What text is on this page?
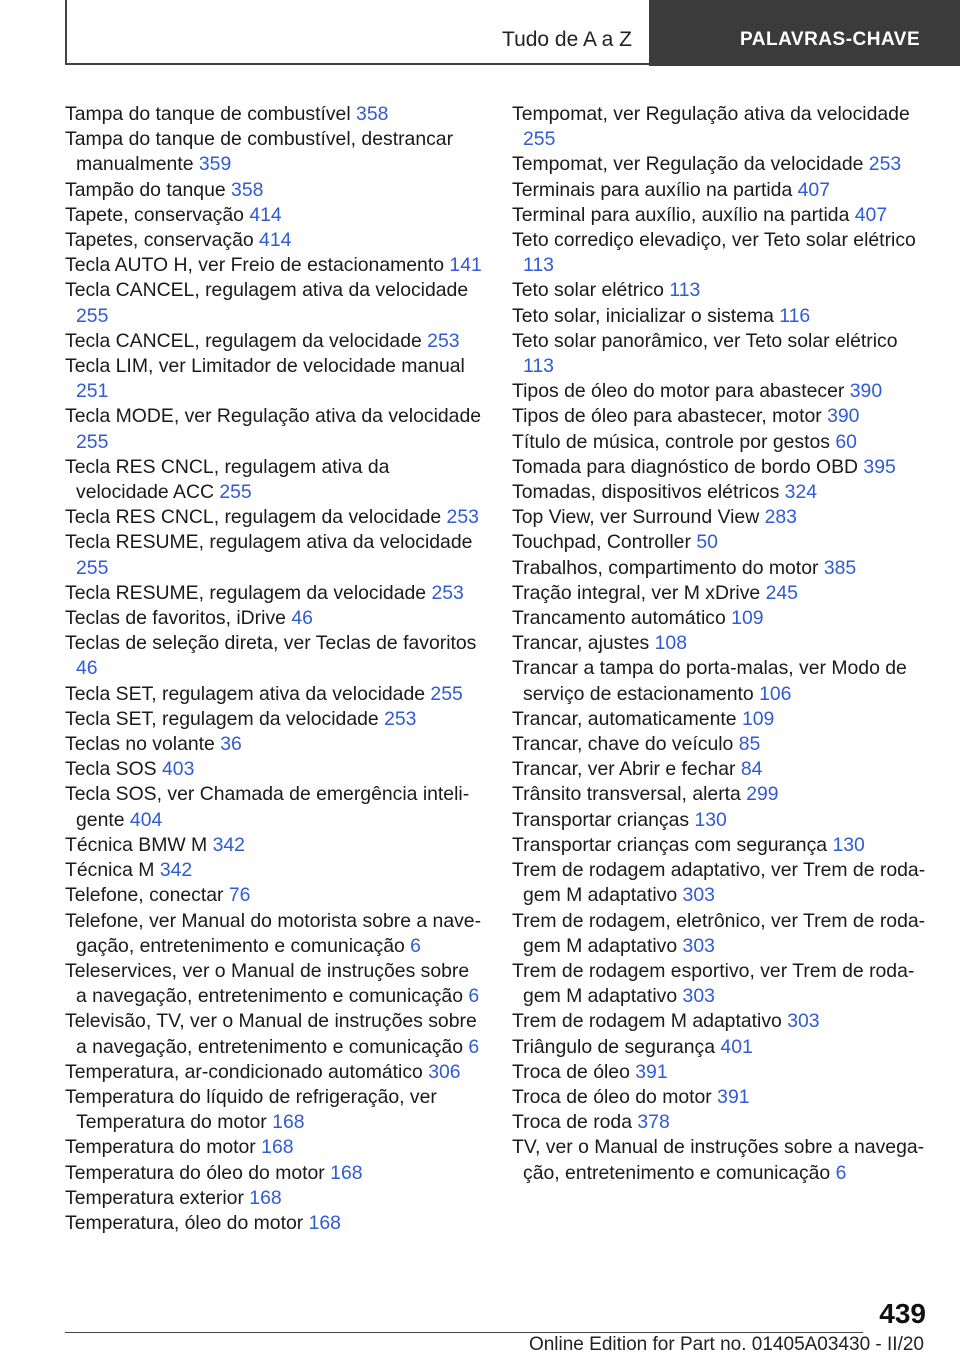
Tudo de A a Z	PALAVRAS-CHAVE
Tampa do tanque de combustível 358
Tampa do tanque de combustível, destrancar manualmente 359
Tampão do tanque 358
Tapete, conservação 414
Tapetes, conservação 414
Tecla AUTO H, ver Freio de estacionamento 141
Tecla CANCEL, regulagem ativa da velocidade 255
Tecla CANCEL, regulagem da velocidade 253
Tecla LIM, ver Limitador de velocidade manual 251
Tecla MODE, ver Regulação ativa da velocidade 255
Tecla RES CNCL, regulagem ativa da velocidade ACC 255
Tecla RES CNCL, regulagem da velocidade 253
Tecla RESUME, regulagem ativa da velocidade 255
Tecla RESUME, regulagem da velocidade 253
Teclas de favoritos, iDrive 46
Teclas de seleção direta, ver Teclas de favoritos 46
Tecla SET, regulagem ativa da velocidade 255
Tecla SET, regulagem da velocidade 253
Teclas no volante 36
Tecla SOS 403
Tecla SOS, ver Chamada de emergência inteligente 404
Técnica BMW M 342
Técnica M 342
Telefone, conectar 76
Telefone, ver Manual do motorista sobre a navegação, entretenimento e comunicação 6
Teleservices, ver o Manual de instruções sobre a navegação, entretenimento e comunicação 6
Televisão, TV, ver o Manual de instruções sobre a navegação, entretenimento e comunicação 6
Temperatura, ar-condicionado automático 306
Temperatura do líquido de refrigeração, ver Temperatura do motor 168
Temperatura do motor 168
Temperatura do óleo do motor 168
Temperatura exterior 168
Temperatura, óleo do motor 168
Tempomat, ver Regulação ativa da velocidade 255
Tempomat, ver Regulação da velocidade 253
Terminais para auxílio na partida 407
Terminal para auxílio, auxílio na partida 407
Teto corrediço elevadiço, ver Teto solar elétrico 113
Teto solar elétrico 113
Teto solar, inicializar o sistema 116
Teto solar panorâmico, ver Teto solar elétrico 113
Tipos de óleo do motor para abastecer 390
Tipos de óleo para abastecer, motor 390
Título de música, controle por gestos 60
Tomada para diagnóstico de bordo OBD 395
Tomadas, dispositivos elétricos 324
Top View, ver Surround View 283
Touchpad, Controller 50
Trabalhos, compartimento do motor 385
Tração integral, ver M xDrive 245
Trancamento automático 109
Trancar, ajustes 108
Trancar a tampa do porta-malas, ver Modo de serviço de estacionamento 106
Trancar, automaticamente 109
Trancar, chave do veículo 85
Trancar, ver Abrir e fechar 84
Trânsito transversal, alerta 299
Transportar crianças 130
Transportar crianças com segurança 130
Trem de rodagem adaptativo, ver Trem de rodagem M adaptativo 303
Trem de rodagem, eletrônico, ver Trem de rodagem M adaptativo 303
Trem de rodagem esportivo, ver Trem de rodagem M adaptativo 303
Trem de rodagem M adaptativo 303
Triângulo de segurança 401
Troca de óleo 391
Troca de óleo do motor 391
Troca de roda 378
TV, ver o Manual de instruções sobre a navegação, entretenimento e comunicação 6
439
Online Edition for Part no. 01405A03430 - II/20
